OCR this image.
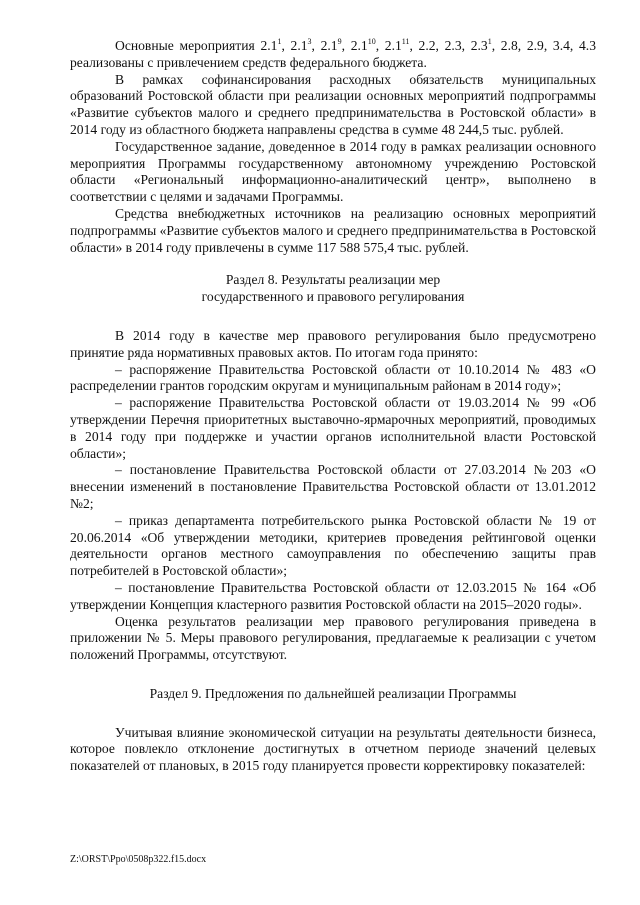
Основные мероприятия $2.1^1$, $2.1^3$, $2.1^9$, $2.1^{10}$, $2.1^{11}$, 2.2, 2.3, $2.3^1$, 2.8, 2.9, 3.4, 4.3 реализованы с привлечением средств федерального бюджета.

В рамках софинансирования расходных обязательств муниципальных образований Ростовской области при реализации основных мероприятий подпрограммы «Развитие субъектов малого и среднего предпринимательства в Ростовской области» в 2014 году из областного бюджета направлены средства в сумме 48 244,5 тыс. рублей.

Государственное задание, доведенное в 2014 году в рамках реализации основного мероприятия Программы государственному автономному учреждению Ростовской области «Региональный информационно-аналитический центр», выполнено в соответствии с целями и задачами Программы.

Средства внебюджетных источников на реализацию основных мероприятий подпрограммы «Развитие субъектов малого и среднего предпринимательства в Ростовской области» в 2014 году привлечены в сумме 117 588 575,4 тыс. рублей.

Раздел 8. Результаты реализации мер
государственного и правового регулирования

В 2014 году в качестве мер правового регулирования было предусмотрено принятие ряда нормативных правовых актов. По итогам года принято:

– распоряжение Правительства Ростовской области от 10.10.2014 № 483 «О распределении грантов городским округам и муниципальным районам в 2014 году»;

– распоряжение Правительства Ростовской области от 19.03.2014 № 99 «Об утверждении Перечня приоритетных выставочно-ярмарочных мероприятий, проводимых в 2014 году при поддержке и участии органов исполнительной власти Ростовской области»;

– постановление Правительства Ростовской области от 27.03.2014 №203 «О внесении изменений в постановление Правительства Ростовской области от 13.01.2012 №2;

– приказ департамента потребительского рынка Ростовской области № 19 от 20.06.2014 «Об утверждении методики, критериев проведения рейтинговой оценки деятельности органов местного самоуправления по обеспечению защиты прав потребителей в Ростовской области»;

– постановление Правительства Ростовской области от 12.03.2015 № 164 «Об утверждении Концепция кластерного развития Ростовской области на 2015–2020 годы».

Оценка результатов реализации мер правового регулирования приведена в приложении № 5. Меры правового регулирования, предлагаемые к реализации с учетом положений Программы, отсутствуют.

Раздел 9. Предложения по дальнейшей реализации Программы

Учитывая влияние экономической ситуации на результаты деятельности бизнеса, которое повлекло отклонение достигнутых в отчетном периоде значений целевых показателей от плановых, в 2015 году планируется провести корректировку показателей:

Z:\ORST\Ppo\0508p322.f15.docx
